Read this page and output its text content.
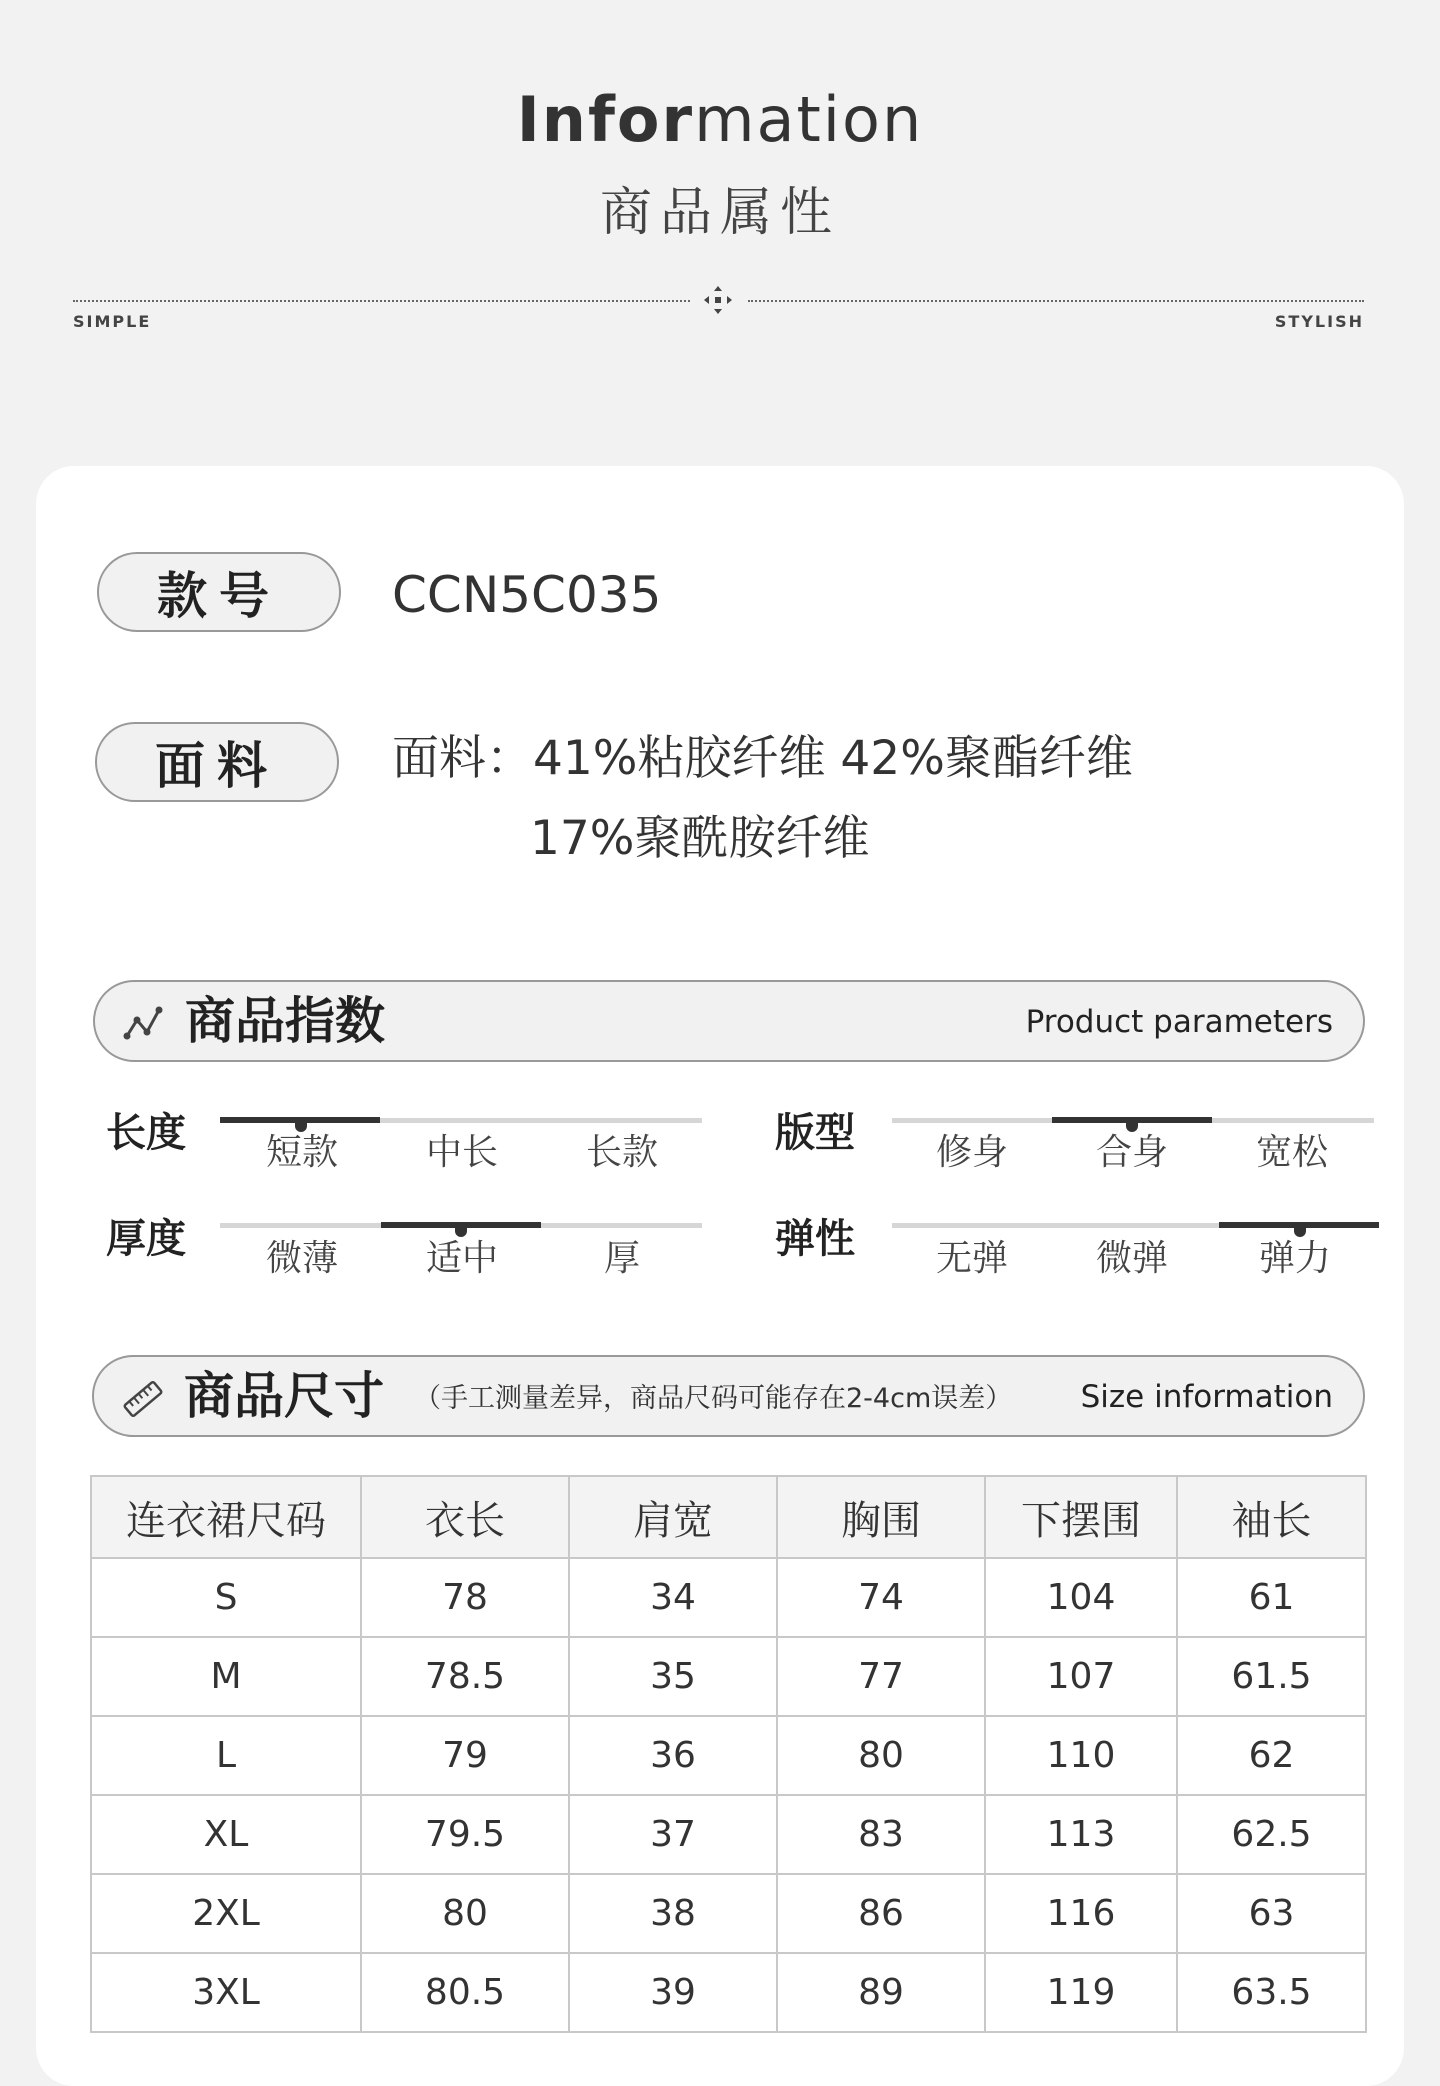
Information
商品属性
SIMPLE	STYLISH
款号	CCN5C035
面料	面料：41%粘胶纤维 42%聚酯纤维
17%聚酰胺纤维
商品指数	Product parameters
长度	短款	中长	长款	版型	修身	合身	宽松
厚度	微薄	适中	厚	弹性	无弹	微弹	弹力
商品尺寸 （手工测量差异，商品尺码可能存在2-4cm误差） Size information
连衣裙尺码	衣长	肩宽	胸围	下摆围	袖长
S	78	34	74	104	61
M	78.5	35	77	107	61.5
L	79	36	80	110	62
XL	79.5	37	83	113	62.5
2XL	80	38	86	116	63
3XL	80.5	39	89	119	63.5
